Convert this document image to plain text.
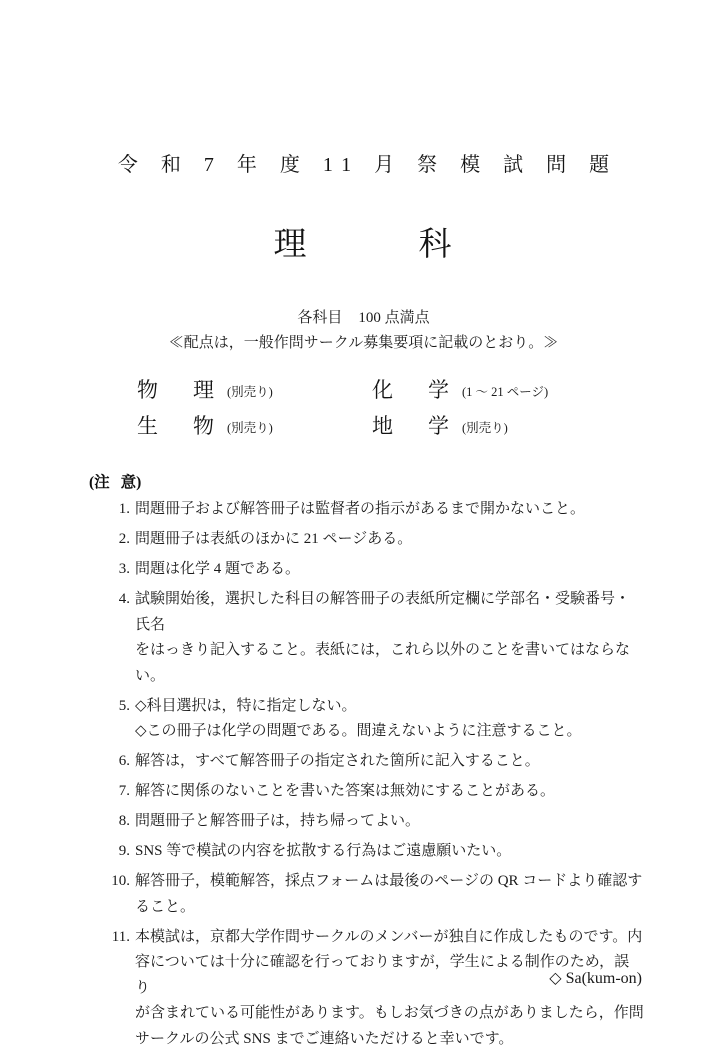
令 和 7 年 度 11 月 祭 模 試 問 題
理	科
各科目 100 点満点
≪配点は，一般作問サークル募集要項に記載のとおり。≫
物 理 (別売り)	化 学 (1 〜 21 ページ)
生 物 (別売り)	地 学 (別売り)
(注 意)
1. 問題冊子および解答冊子は監督者の指示があるまで開かないこと。

2. 問題冊子は表紙のほかに 21 ページある。

3. 問題は化学 4 題である。

4. 試験開始後，選択した科目の解答冊子の表紙所定欄に学部名・受験番号・氏名

をはっきり記入すること。表紙には，これら以外のことを書いてはならない。

5. ◇科目選択は，特に指定しない。

◇この冊子は化学の問題である。間違えないように注意すること。

6. 解答は，すべて解答冊子の指定された箇所に記入すること。

7. 解答に関係のないことを書いた答案は無効にすることがある。

8. 問題冊子と解答冊子は，持ち帰ってよい。

9. SNS 等で模試の内容を拡散する行為はご遠慮願いたい。

10. 解答冊子，模範解答，採点フォームは最後のページの QR コードより確認す

ること。

11. 本模試は，京都大学作問サークルのメンバーが独自に作成したものです。内

容については十分に確認を行っておりますが，学生による制作のため，誤り

が含まれている可能性があります。もしお気づきの点がありましたら，作問

サークルの公式 SNS までご連絡いただけると幸いです。

◇ Sa(kum-on)
